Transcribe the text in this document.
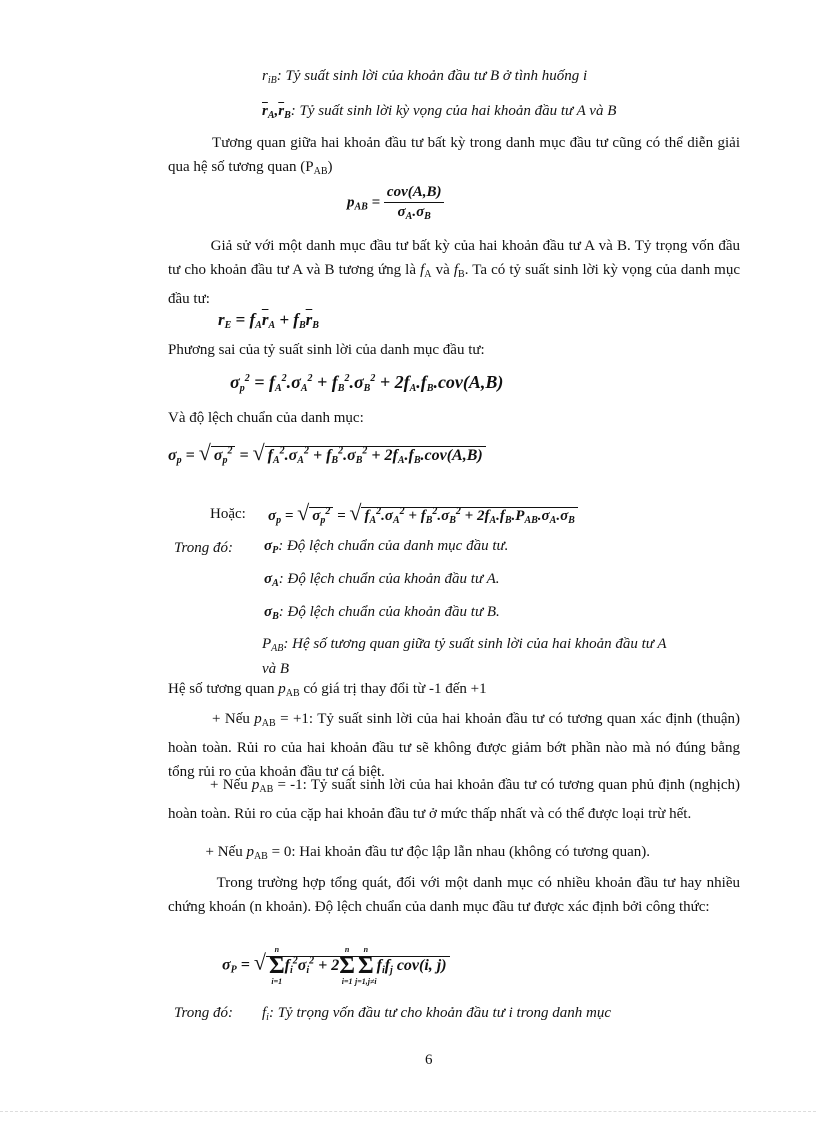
$r_{iB}$: Tỷ suất sinh lời của khoản đầu tư B ở tình huống i
$\overline{r}_A,\overline{r}_B$: Tỷ suất sinh lời kỳ vọng của hai khoản đầu tư A và B
Tương quan giữa hai khoản đầu tư bất kỳ trong danh mục đầu tư cũng có thể diễn giải qua hệ số tương quan $(P_{AB})$
$p_{AB} = \frac{\text{cov(A,B)}}{\sigma_A.\sigma_B}$
Giả sử với một danh mục đầu tư bất kỳ của hai khoản đầu tư A và B. Tỷ trọng vốn đầu tư cho khoản đầu tư A và B tương ứng là $f_A$ và $f_B$. Ta có tỷ suất sinh lời kỳ vọng của danh mục đầu tư:
$r_E = f_A\overline{r}_A + f_B\overline{r}_B$
Phương sai của tỷ suất sinh lời của danh mục đầu tư:
$\sigma_p^2 = f_A^2.\sigma_A^2 + f_B^2.\sigma_B^2 + 2f_A.f_B.cov(A,B)$
Và độ lệch chuẩn của danh mục:
$\sigma_p$ = √ $\sigma_p^2$ = √ $f_A^2.\sigma_A^2 + f_B^2.\sigma_B^2 + 2f_A.f_B.cov(A,B)$
Hoặc: $\sigma_p$ = √ $\sigma_p^2$ = √ $f_A^2.\sigma_A^2 + f_B^2.\sigma_B^2 + 2f_A.f_B.P_{AB}.\sigma_A.\sigma_B$
Trong đó: $\sigma_P$: Độ lệch chuẩn của danh mục đầu tư.
$\sigma_A$: Độ lệch chuẩn của khoản đầu tư A.
$\sigma_B$: Độ lệch chuẩn của khoản đầu tư B.
$P_{AB}$: Hệ số tương quan giữa tỷ suất sinh lời của hai khoản đầu tư A
và B
Hệ số tương quan $p_{AB}$ có giá trị thay đổi từ -1 đến +1
+ Nếu $p_{AB} = +1$: Tỷ suất sinh lời của hai khoản đầu tư có tương quan xác định (thuận) hoàn toàn. Rủi ro của hai khoản đầu tư sẽ không được giảm bớt phần nào mà nó đúng bằng tổng rủi ro của khoản đầu tư cá biệt.
+ Nếu $p_{AB} = -1$: Tỷ suất sinh lời của hai khoản đầu tư có tương quan phủ định (nghịch) hoàn toàn. Rủi ro của cặp hai khoản đầu tư ở mức thấp nhất và có thể được loại trừ hết.
+ Nếu $p_{AB} = 0$: Hai khoản đầu tư độc lập lẫn nhau (không có tương quan).
Trong trường hợp tổng quát, đối với một danh mục có nhiều khoản đầu tư hay nhiều chứng khoán (n khoản). Độ lệch chuẩn của danh mục đầu tư được xác định bởi công thức:
$\sigma_P$ = √
n
Σ
i=1
$f_i^2\sigma_i^2 + 2$
n
Σ
i=1
n
Σ
j=1,j≠i
$f_if_j$ cov(i, j)
Trong đó: $f_i$: Tỷ trọng vốn đầu tư cho khoản đầu tư i trong danh mục
6
